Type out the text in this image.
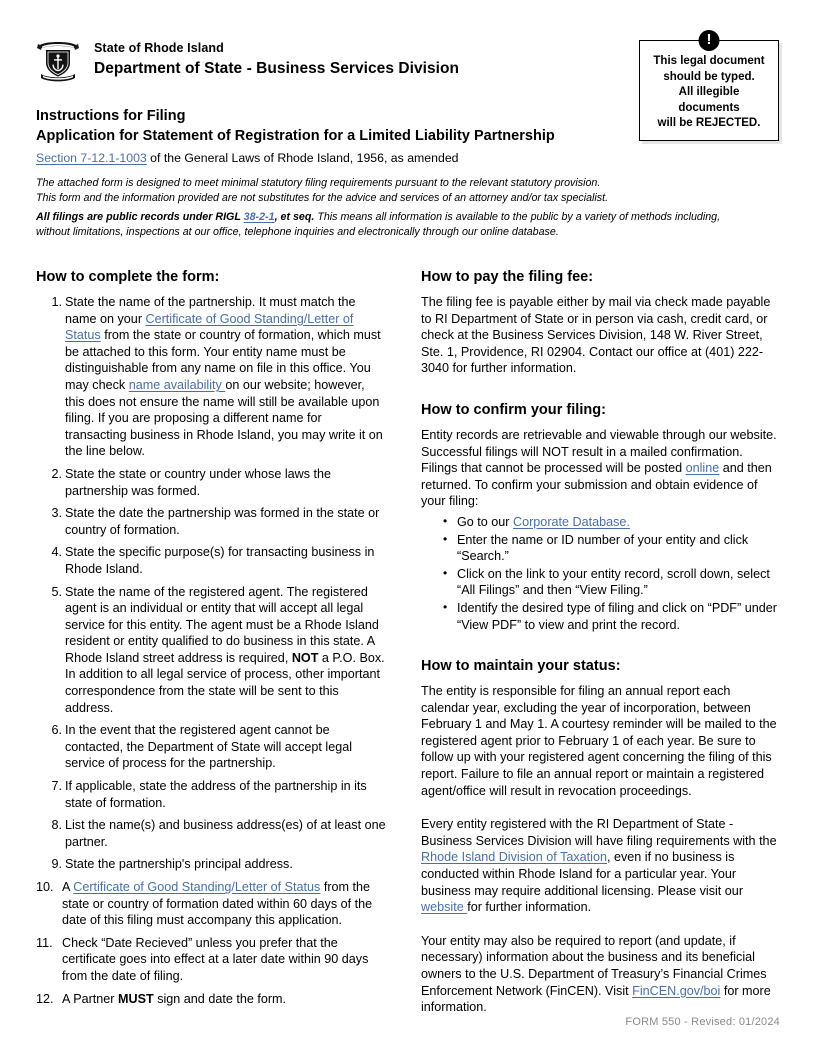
State of Rhode Island
Department of State - Business Services Division
!

This legal document

should be typed.

All illegible

documents

will be REJECTED.

Instructions for Filing
Application for Statement of Registration for a Limited Liability Partnership
Section 7-12.1-1003 of the General Laws of Rhode Island, 1956, as amended
The attached form is designed to meet minimal statutory filing requirements pursuant to the relevant statutory provision.
This form and the information provided are not substitutes for the advice and services of an attorney and/or tax specialist.
All filings are public records under RIGL 38-2-1, et seq. This means all information is available to the public by a variety of methods including, without limitations, inspections at our office, telephone inquiries and electronically through our online database.
How to complete the form:
1. State the name of the partnership. It must match the name on your Certificate of Good Standing/Letter of Status from the state or country of formation, which must be attached to this form. Your entity name must be distinguishable from any name on file in this office. You may check name availability on our website; however, this does not ensure the name will still be available upon filing. If you are proposing a different name for transacting business in Rhode Island, you may write it on the line below.
2. State the state or country under whose laws the partnership was formed.
3. State the date the partnership was formed in the state or country of formation.
4. State the specific purpose(s) for transacting business in Rhode Island.
5. State the name of the registered agent. The registered agent is an individual or entity that will accept all legal service for this entity. The agent must be a Rhode Island resident or entity qualified to do business in this state. A Rhode Island street address is required, NOT a P.O. Box. In addition to all legal service of process, other important correspondence from the state will be sent to this address.
6. In the event that the registered agent cannot be contacted, the Department of State will accept legal service of process for the partnership.
7. If applicable, state the address of the partnership in its state of formation.
8. List the name(s) and business address(es) of at least one partner.
9. State the partnership's principal address.
10. A Certificate of Good Standing/Letter of Status from the state or country of formation dated within 60 days of the date of this filing must accompany this application.
11. Check “Date Recieved” unless you prefer that the certificate goes into effect at a later date within 90 days from the date of filing.
12. A Partner MUST sign and date the form.
How to pay the filing fee:

The filing fee is payable either by mail via check made payable to RI Department of State or in person via cash, credit card, or check at the Business Services Division, 148 W. River Street, Ste. 1, Providence, RI 02904. Contact our office at (401) 222-3040 for further information.

How to confirm your filing:

Entity records are retrievable and viewable through our website. Successful filings will NOT result in a mailed confirmation. Filings that cannot be processed will be posted online and then returned. To confirm your submission and obtain evidence of your filing:

• Go to our Corporate Database.
• Enter the name or ID number of your entity and click “Search.”
• Click on the link to your entity record, scroll down, select “All Filings” and then “View Filing.”
• Identify the desired type of filing and click on “PDF” under “View PDF” to view and print the record.
How to maintain your status:

The entity is responsible for filing an annual report each calendar year, excluding the year of incorporation, between February 1 and May 1. A courtesy reminder will be mailed to the registered agent prior to February 1 of each year. Be sure to follow up with your registered agent concerning the filing of this report. Failure to file an annual report or maintain a registered agent/office will result in revocation proceedings.

Every entity registered with the RI Department of State - Business Services Division will have filing requirements with the Rhode Island Division of Taxation, even if no business is conducted within Rhode Island for a particular year. Your business may require additional licensing. Please visit our website for further information.

Your entity may also be required to report (and update, if necessary) information about the business and its beneficial owners to the U.S. Department of Treasury’s Financial Crimes Enforcement Network (FinCEN). Visit FinCEN.gov/boi for more information.

FORM 550 - Revised: 01/2024
